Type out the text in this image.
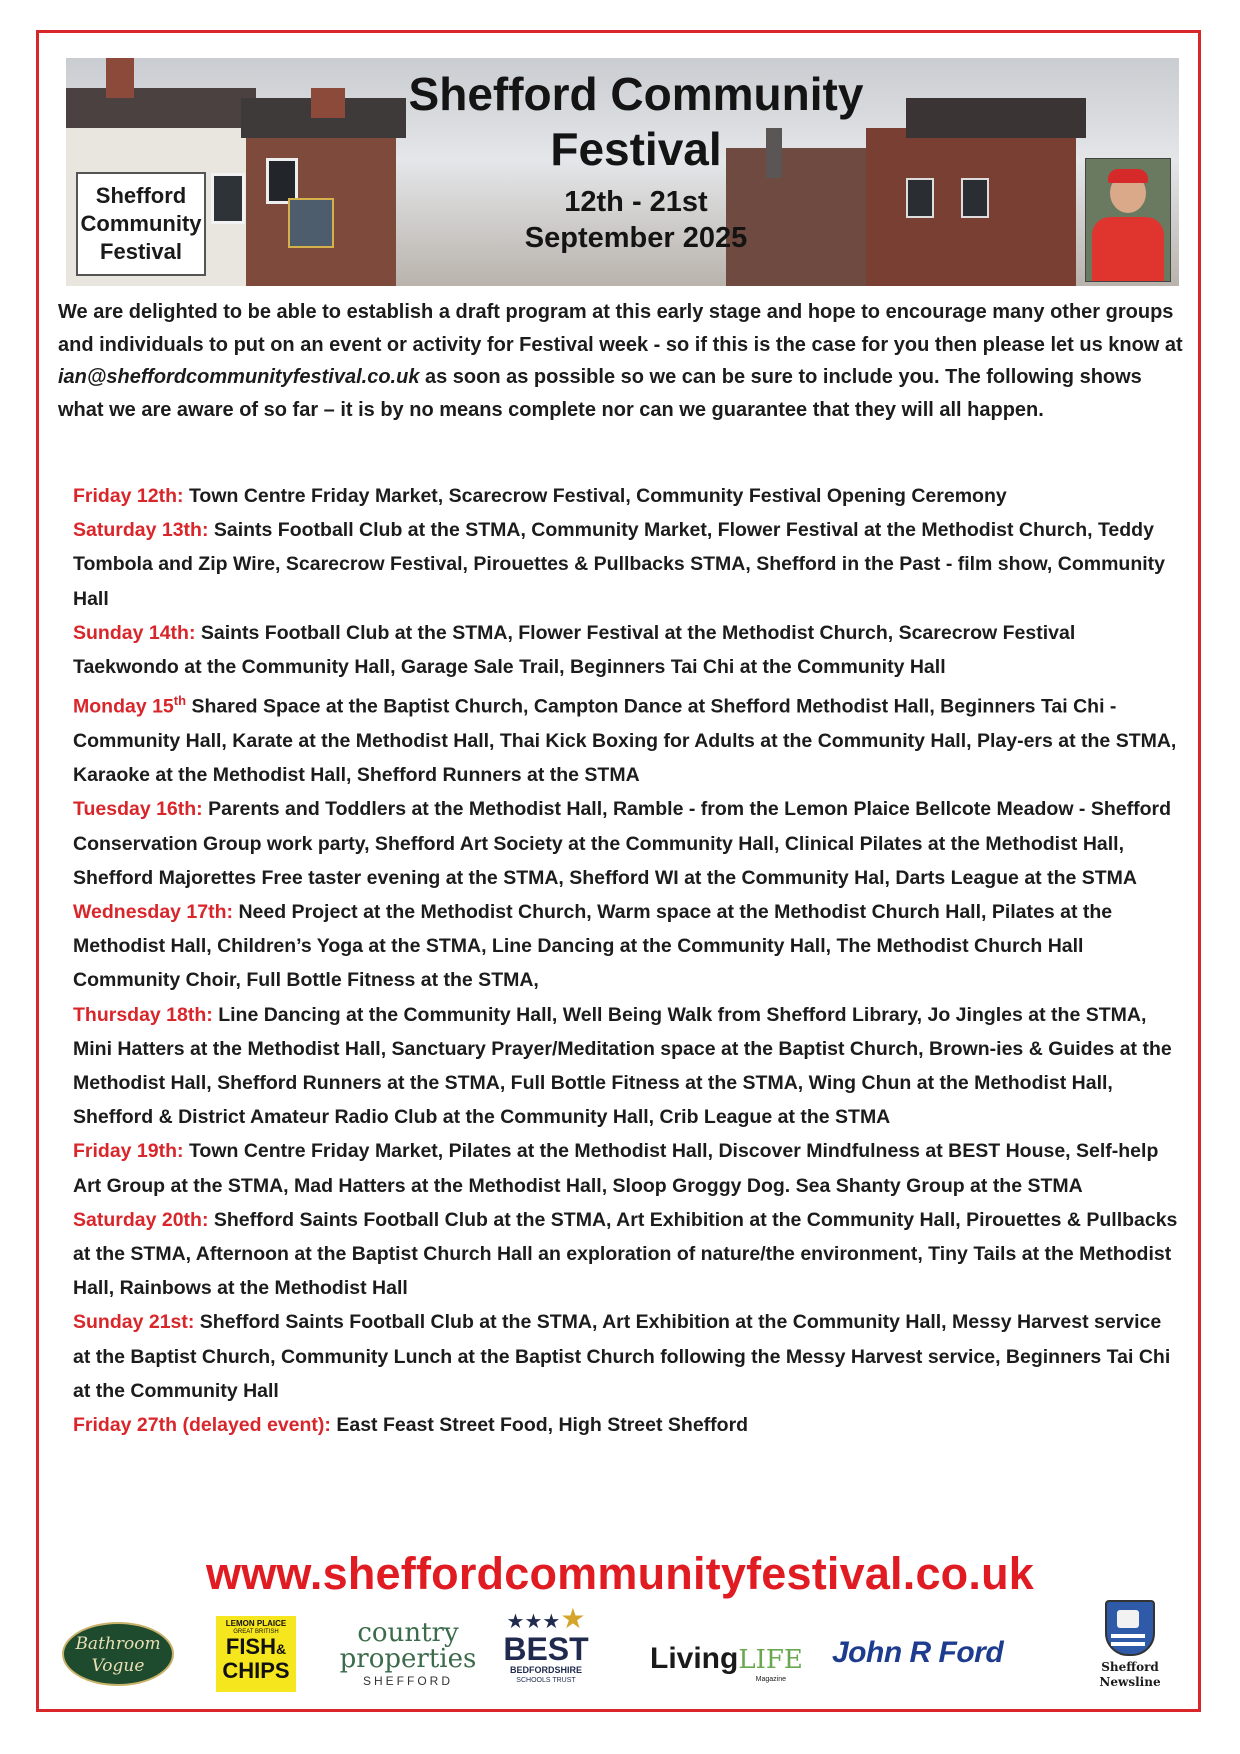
Shefford
Community
Festival
Shefford Community
Festival
12th - 21st
September 2025
We are delighted to be able to establish a draft program at this early stage and hope to encourage many other groups and individuals to put on an event or activity for Festival week - so if this is the case for you then please let us know at ian@sheffordcommunityfestival.co.uk as soon as possible so we can be sure to include you. The following shows what we are aware of so far – it is by no means complete nor can we guarantee that they will all happen.

Friday 12th: Town Centre Friday Market, Scarecrow Festival, Community Festival Opening Ceremony

Saturday 13th: Saints Football Club at the STMA, Community Market, Flower Festival at the Methodist Church, Teddy Tombola and Zip Wire, Scarecrow Festival, Pirouettes & Pullbacks STMA, Shefford in the Past - film show, Community Hall

Sunday 14th: Saints Football Club at the STMA, Flower Festival at the Methodist Church, Scarecrow Festival Taekwondo at the Community Hall, Garage Sale Trail, Beginners Tai Chi at the Community Hall

Monday 15th Shared Space at the Baptist Church, Campton Dance at Shefford Methodist Hall, Beginners Tai Chi - Community Hall, Karate at the Methodist Hall, Thai Kick Boxing for Adults at the Community Hall, Play-ers at the STMA, Karaoke at the Methodist Hall, Shefford Runners at the STMA

Tuesday 16th: Parents and Toddlers at the Methodist Hall, Ramble - from the Lemon Plaice Bellcote Meadow - Shefford Conservation Group work party, Shefford Art Society at the Community Hall, Clinical Pilates at the Methodist Hall, Shefford Majorettes Free taster evening at the STMA, Shefford WI at the Community Hal, Darts League at the STMA

Wednesday 17th: Need Project at the Methodist Church, Warm space at the Methodist Church Hall, Pilates at the Methodist Hall, Children’s Yoga at the STMA, Line Dancing at the Community Hall, The Methodist Church Hall Community Choir, Full Bottle Fitness at the STMA,

Thursday 18th: Line Dancing at the Community Hall, Well Being Walk from Shefford Library, Jo Jingles at the STMA, Mini Hatters at the Methodist Hall, Sanctuary Prayer/Meditation space at the Baptist Church, Brown-ies & Guides at the Methodist Hall, Shefford Runners at the STMA, Full Bottle Fitness at the STMA, Wing Chun at the Methodist Hall, Shefford & District Amateur Radio Club at the Community Hall, Crib League at the STMA

Friday 19th: Town Centre Friday Market, Pilates at the Methodist Hall, Discover Mindfulness at BEST House, Self-help Art Group at the STMA, Mad Hatters at the Methodist Hall, Sloop Groggy Dog. Sea Shanty Group at the STMA

Saturday 20th: Shefford Saints Football Club at the STMA, Art Exhibition at the Community Hall, Pirouettes & Pullbacks at the STMA, Afternoon at the Baptist Church Hall an exploration of nature/the environment, Tiny Tails at the Methodist Hall, Rainbows at the Methodist Hall

Sunday 21st: Shefford Saints Football Club at the STMA, Art Exhibition at the Community Hall, Messy Harvest service at the Baptist Church, Community Lunch at the Baptist Church following the Messy Harvest service, Beginners Tai Chi at the Community Hall

Friday 27th (delayed event): East Feast Street Food, High Street Shefford

www.sheffordcommunityfestival.co.uk
Bathroom
Vogue
LEMON PLAICE
GREAT BRITISH
FISH&
CHIPS
country
properties
SHEFFORD
★★★★
BEST
BEDFORDSHIRE
SCHOOLS TRUST
LivingLIFE
Magazine
John R Ford	Shefford
Newsline
